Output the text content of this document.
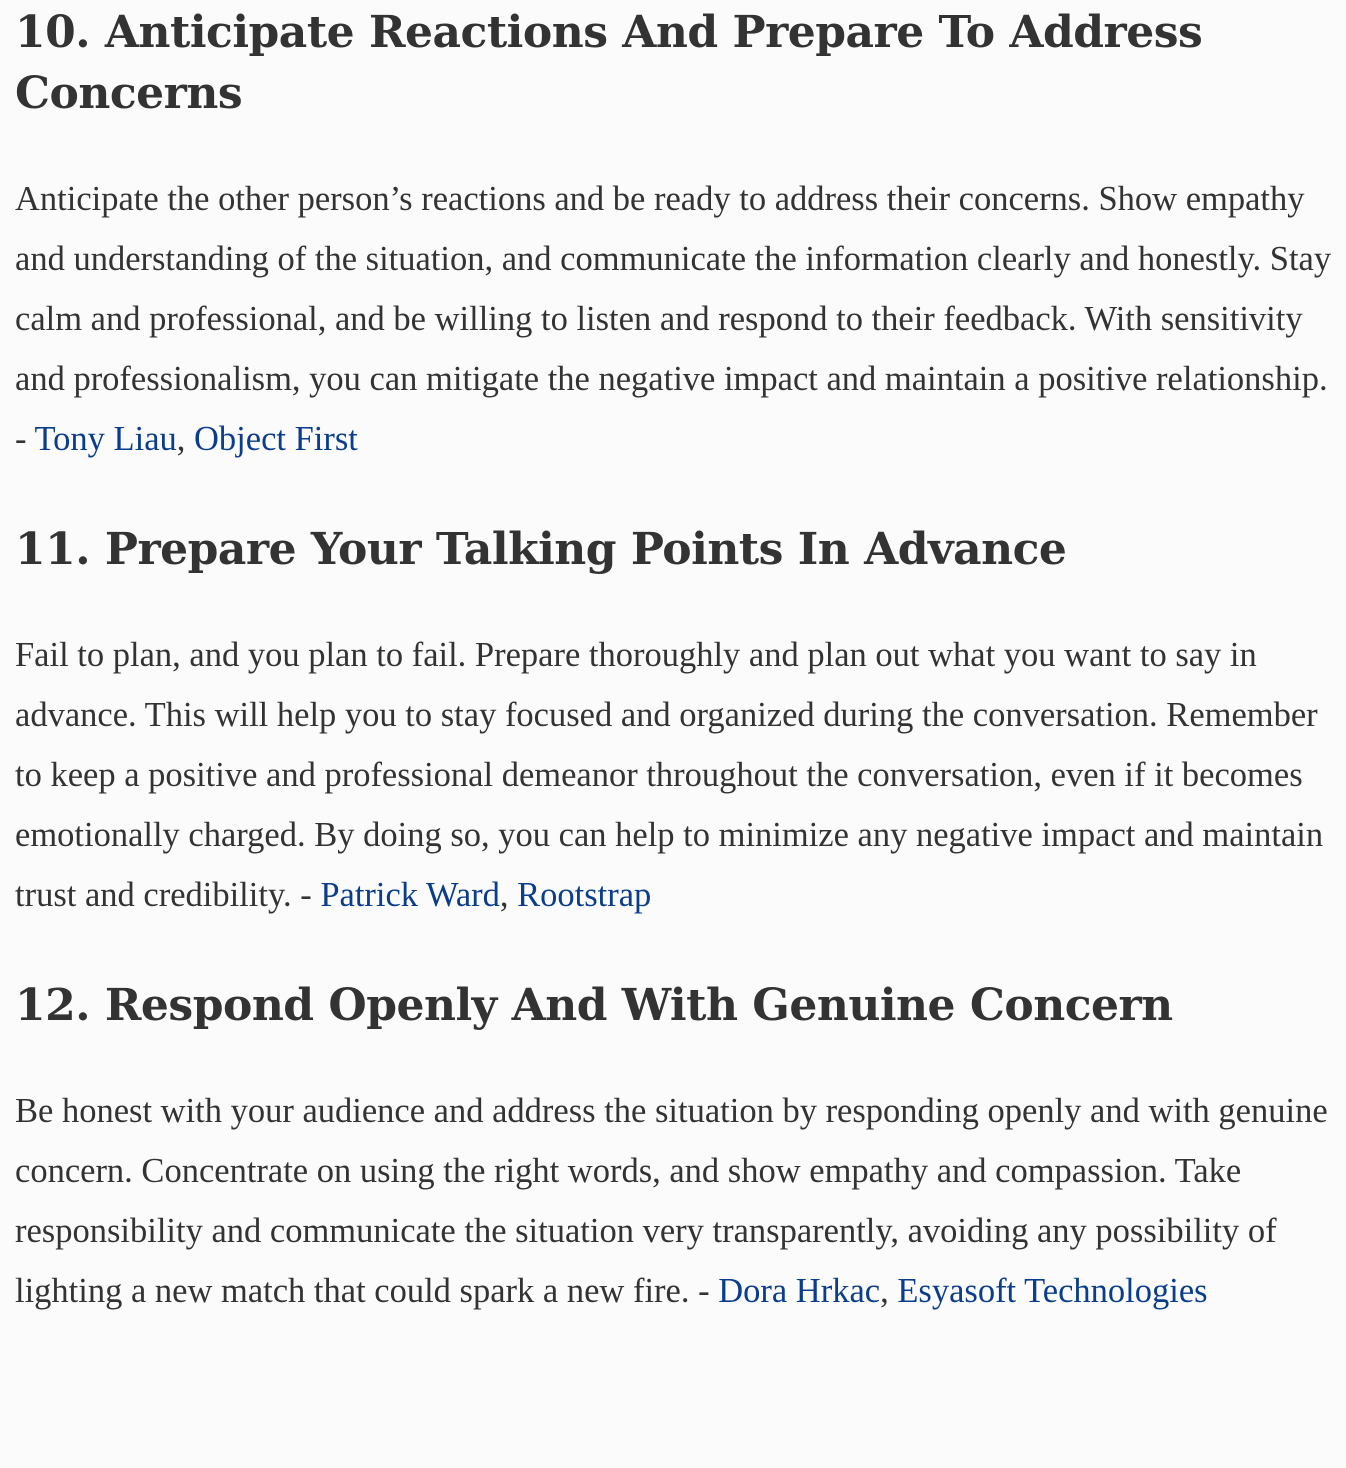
10. Anticipate Reactions And Prepare To Address Concerns

Anticipate the other person’s reactions and be ready to address their concerns. Show empathy and understanding of the situation, and communicate the information clearly and honestly. Stay calm and professional, and be willing to listen and respond to their feedback. With sensitivity and professionalism, you can mitigate the negative impact and maintain a positive relationship. - Tony Liau, Object First

11. Prepare Your Talking Points In Advance

Fail to plan, and you plan to fail. Prepare thoroughly and plan out what you want to say in advance. This will help you to stay focused and organized during the conversation. Remember to keep a positive and professional demeanor throughout the conversation, even if it becomes emotionally charged. By doing so, you can help to minimize any negative impact and maintain trust and credibility. - Patrick Ward, Rootstrap

12. Respond Openly And With Genuine Concern

Be honest with your audience and address the situation by responding openly and with genuine concern. Concentrate on using the right words, and show empathy and compassion. Take responsibility and communicate the situation very transparently, avoiding any possibility of lighting a new match that could spark a new fire. - Dora Hrkac, Esyasoft Technologies
